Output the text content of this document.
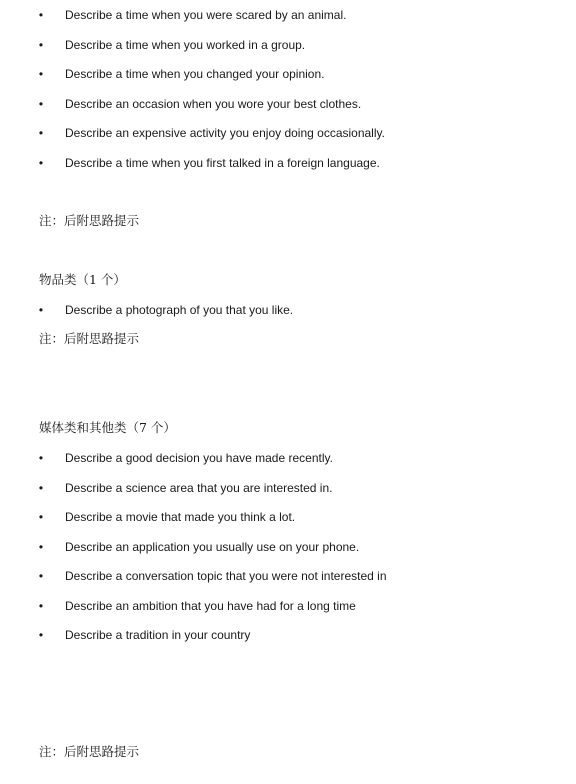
• Describe a time when you were scared by an animal.
• Describe a time when you worked in a group.
• Describe a time when you changed your opinion.
• Describe an occasion when you wore your best clothes.
• Describe an expensive activity you enjoy doing occasionally.
• Describe a time when you first talked in a foreign language.
注：后附思路提示
物品类（1 个）
• Describe a photograph of you that you like.
注：后附思路提示
媒体类和其他类（7 个）
• Describe a good decision you have made recently.
• Describe a science area that you are interested in.
• Describe a movie that made you think a lot.
• Describe an application you usually use on your phone.
• Describe a conversation topic that you were not interested in
• Describe an ambition that you have had for a long time
• Describe a tradition in your country
注：后附思路提示
